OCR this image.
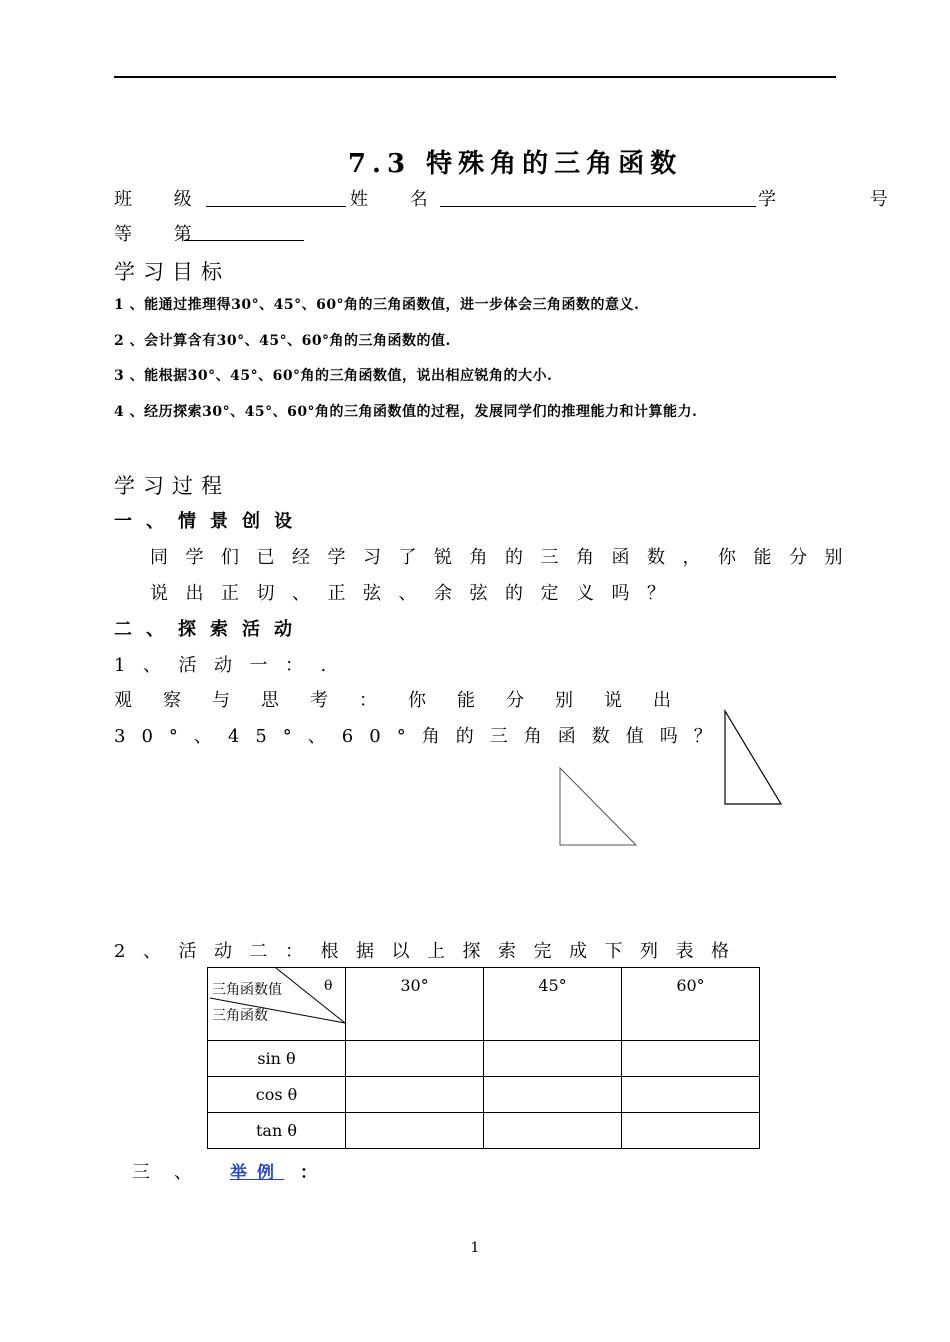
7.3 特殊角的三角函数
班 级	姓 名	学 号
等 第
学习目标
1 、能通过推理得30°、45°、60°角的三角函数值，进一步体会三角函数的意义.
2 、会计算含有30°、45°、60°角的三角函数的值.
3 、能根据30°、45°、60°角的三角函数值，说出相应锐角的大小.
4 、经历探索30°、45°、60°角的三角函数值的过程，发展同学们的推理能力和计算能力.
学习过程
一、情景创设
同学们已经学习了锐角的三角函数，你能分别
说出正切、正弦、余弦的定义吗？
二、探索活动
1、活动一：.
观察与思考：你能分别说出
30°、45°、60°角的三角函数值吗？
2、活动二：根据以上探索完成下列表格
三角函数值 θ
三角函数	30°	45°	60°
sin θ			
cos θ			
tan θ			
三、 举例 ：
1
